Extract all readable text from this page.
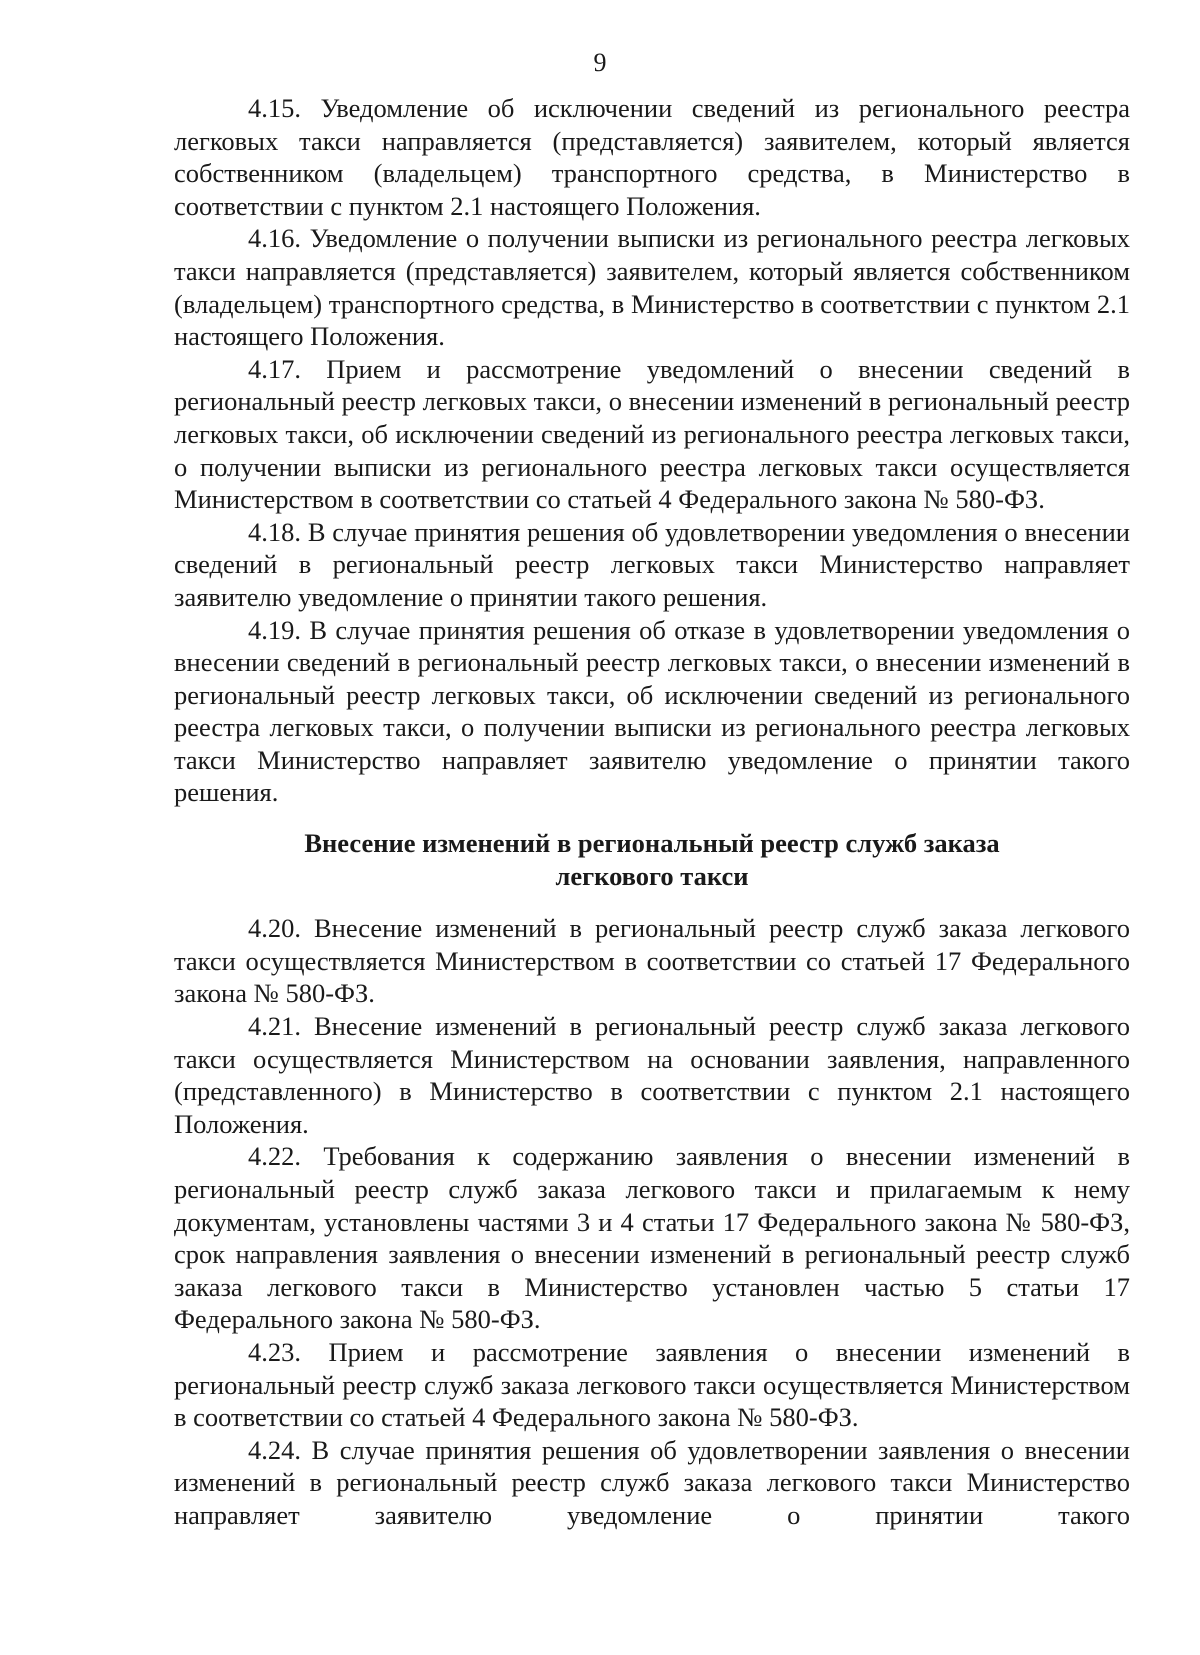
9

4.15. Уведомление об исключении сведений из регионального реестра легковых такси направляется (представляется) заявителем, который является собственником (владельцем) транспортного средства, в Министерство в соответствии с пунктом 2.1 настоящего Положения.

4.16. Уведомление о получении выписки из регионального реестра легковых такси направляется (представляется) заявителем, который является собственником (владельцем) транспортного средства, в Министерство в соответствии с пунктом 2.1 настоящего Положения.

4.17. Прием и рассмотрение уведомлений о внесении сведений в региональный реестр легковых такси, о внесении изменений в региональный реестр легковых такси, об исключении сведений из регионального реестра легковых такси, о получении выписки из регионального реестра легковых такси осуществляется Министерством в соответствии со статьей 4 Федерального закона № 580-ФЗ.

4.18. В случае принятия решения об удовлетворении уведомления о внесении сведений в региональный реестр легковых такси Министерство направляет заявителю уведомление о принятии такого решения.

4.19. В случае принятия решения об отказе в удовлетворении уведомления о внесении сведений в региональный реестр легковых такси, о внесении изменений в региональный реестр легковых такси, об исключении сведений из регионального реестра легковых такси, о получении выписки из регионального реестра легковых такси Министерство направляет заявителю уведомление о принятии такого решения.

Внесение изменений в региональный реестр служб заказа
легкового такси

4.20. Внесение изменений в региональный реестр служб заказа легкового такси осуществляется Министерством в соответствии со статьей 17 Федерального закона № 580-ФЗ.

4.21. Внесение изменений в региональный реестр служб заказа легкового такси осуществляется Министерством на основании заявления, направленного (представленного) в Министерство в соответствии с пунктом 2.1 настоящего Положения.

4.22. Требования к содержанию заявления о внесении изменений в региональный реестр служб заказа легкового такси и прилагаемым к нему документам, установлены частями 3 и 4 статьи 17 Федерального закона № 580-ФЗ, срок направления заявления о внесении изменений в региональный реестр служб заказа легкового такси в Министерство установлен частью 5 статьи 17 Федерального закона № 580-ФЗ.

4.23. Прием и рассмотрение заявления о внесении изменений в региональный реестр служб заказа легкового такси осуществляется Министерством в соответствии со статьей 4 Федерального закона № 580-ФЗ.

4.24. В случае принятия решения об удовлетворении заявления о внесении изменений в региональный реестр служб заказа легкового такси Министерство направляет заявителю уведомление о принятии такого
